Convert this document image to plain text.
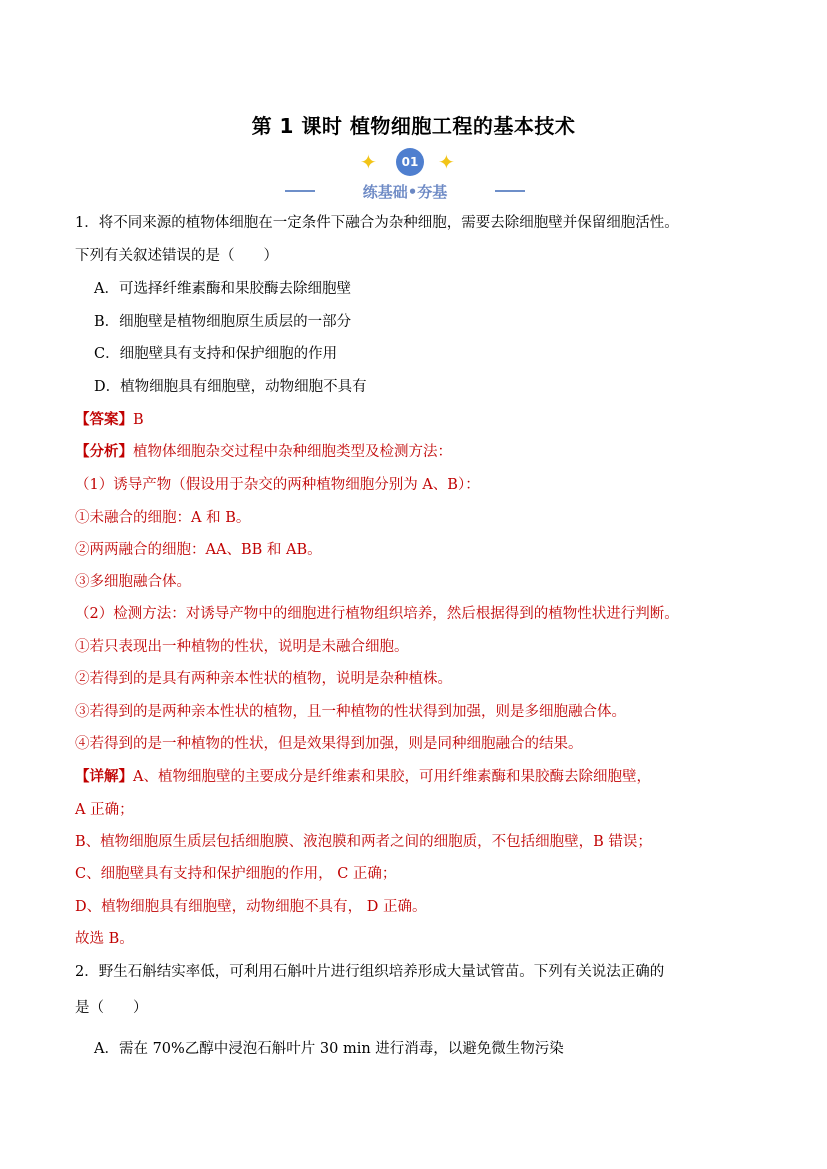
第 1 课时 植物细胞工程的基本技术
✦	01 ✦
练基础•夯基
1．将不同来源的植物体细胞在一定条件下融合为杂种细胞，需要去除细胞壁并保留细胞活性。
下列有关叙述错误的是（　　）
A．可选择纤维素酶和果胶酶去除细胞壁
B．细胞壁是植物细胞原生质层的一部分
C．细胞壁具有支持和保护细胞的作用
D．植物细胞具有细胞壁，动物细胞不具有
【答案】B
【分析】植物体细胞杂交过程中杂种细胞类型及检测方法：
（1）诱导产物（假设用于杂交的两种植物细胞分别为 A、B）：
①未融合的细胞：A 和 B。
②两两融合的细胞：AA、BB 和 AB。
③多细胞融合体。
（2）检测方法：对诱导产物中的细胞进行植物组织培养，然后根据得到的植物性状进行判断。
①若只表现出一种植物的性状，说明是未融合细胞。
②若得到的是具有两种亲本性状的植物，说明是杂种植株。
③若得到的是两种亲本性状的植物，且一种植物的性状得到加强，则是多细胞融合体。
④若得到的是一种植物的性状，但是效果得到加强，则是同种细胞融合的结果。
【详解】A、植物细胞壁的主要成分是纤维素和果胶，可用纤维素酶和果胶酶去除细胞壁，
A 正确；
B、植物细胞原生质层包括细胞膜、液泡膜和两者之间的细胞质，不包括细胞壁，B 错误；
C、细胞壁具有支持和保护细胞的作用， C 正确；
D、植物细胞具有细胞壁，动物细胞不具有， D 正确。
故选 B。
2．野生石斛结实率低，可利用石斛叶片进行组织培养形成大量试管苗。下列有关说法正确的
是（　　）
A．需在 70%乙醇中浸泡石斛叶片 30 min 进行消毒，以避免微生物污染
